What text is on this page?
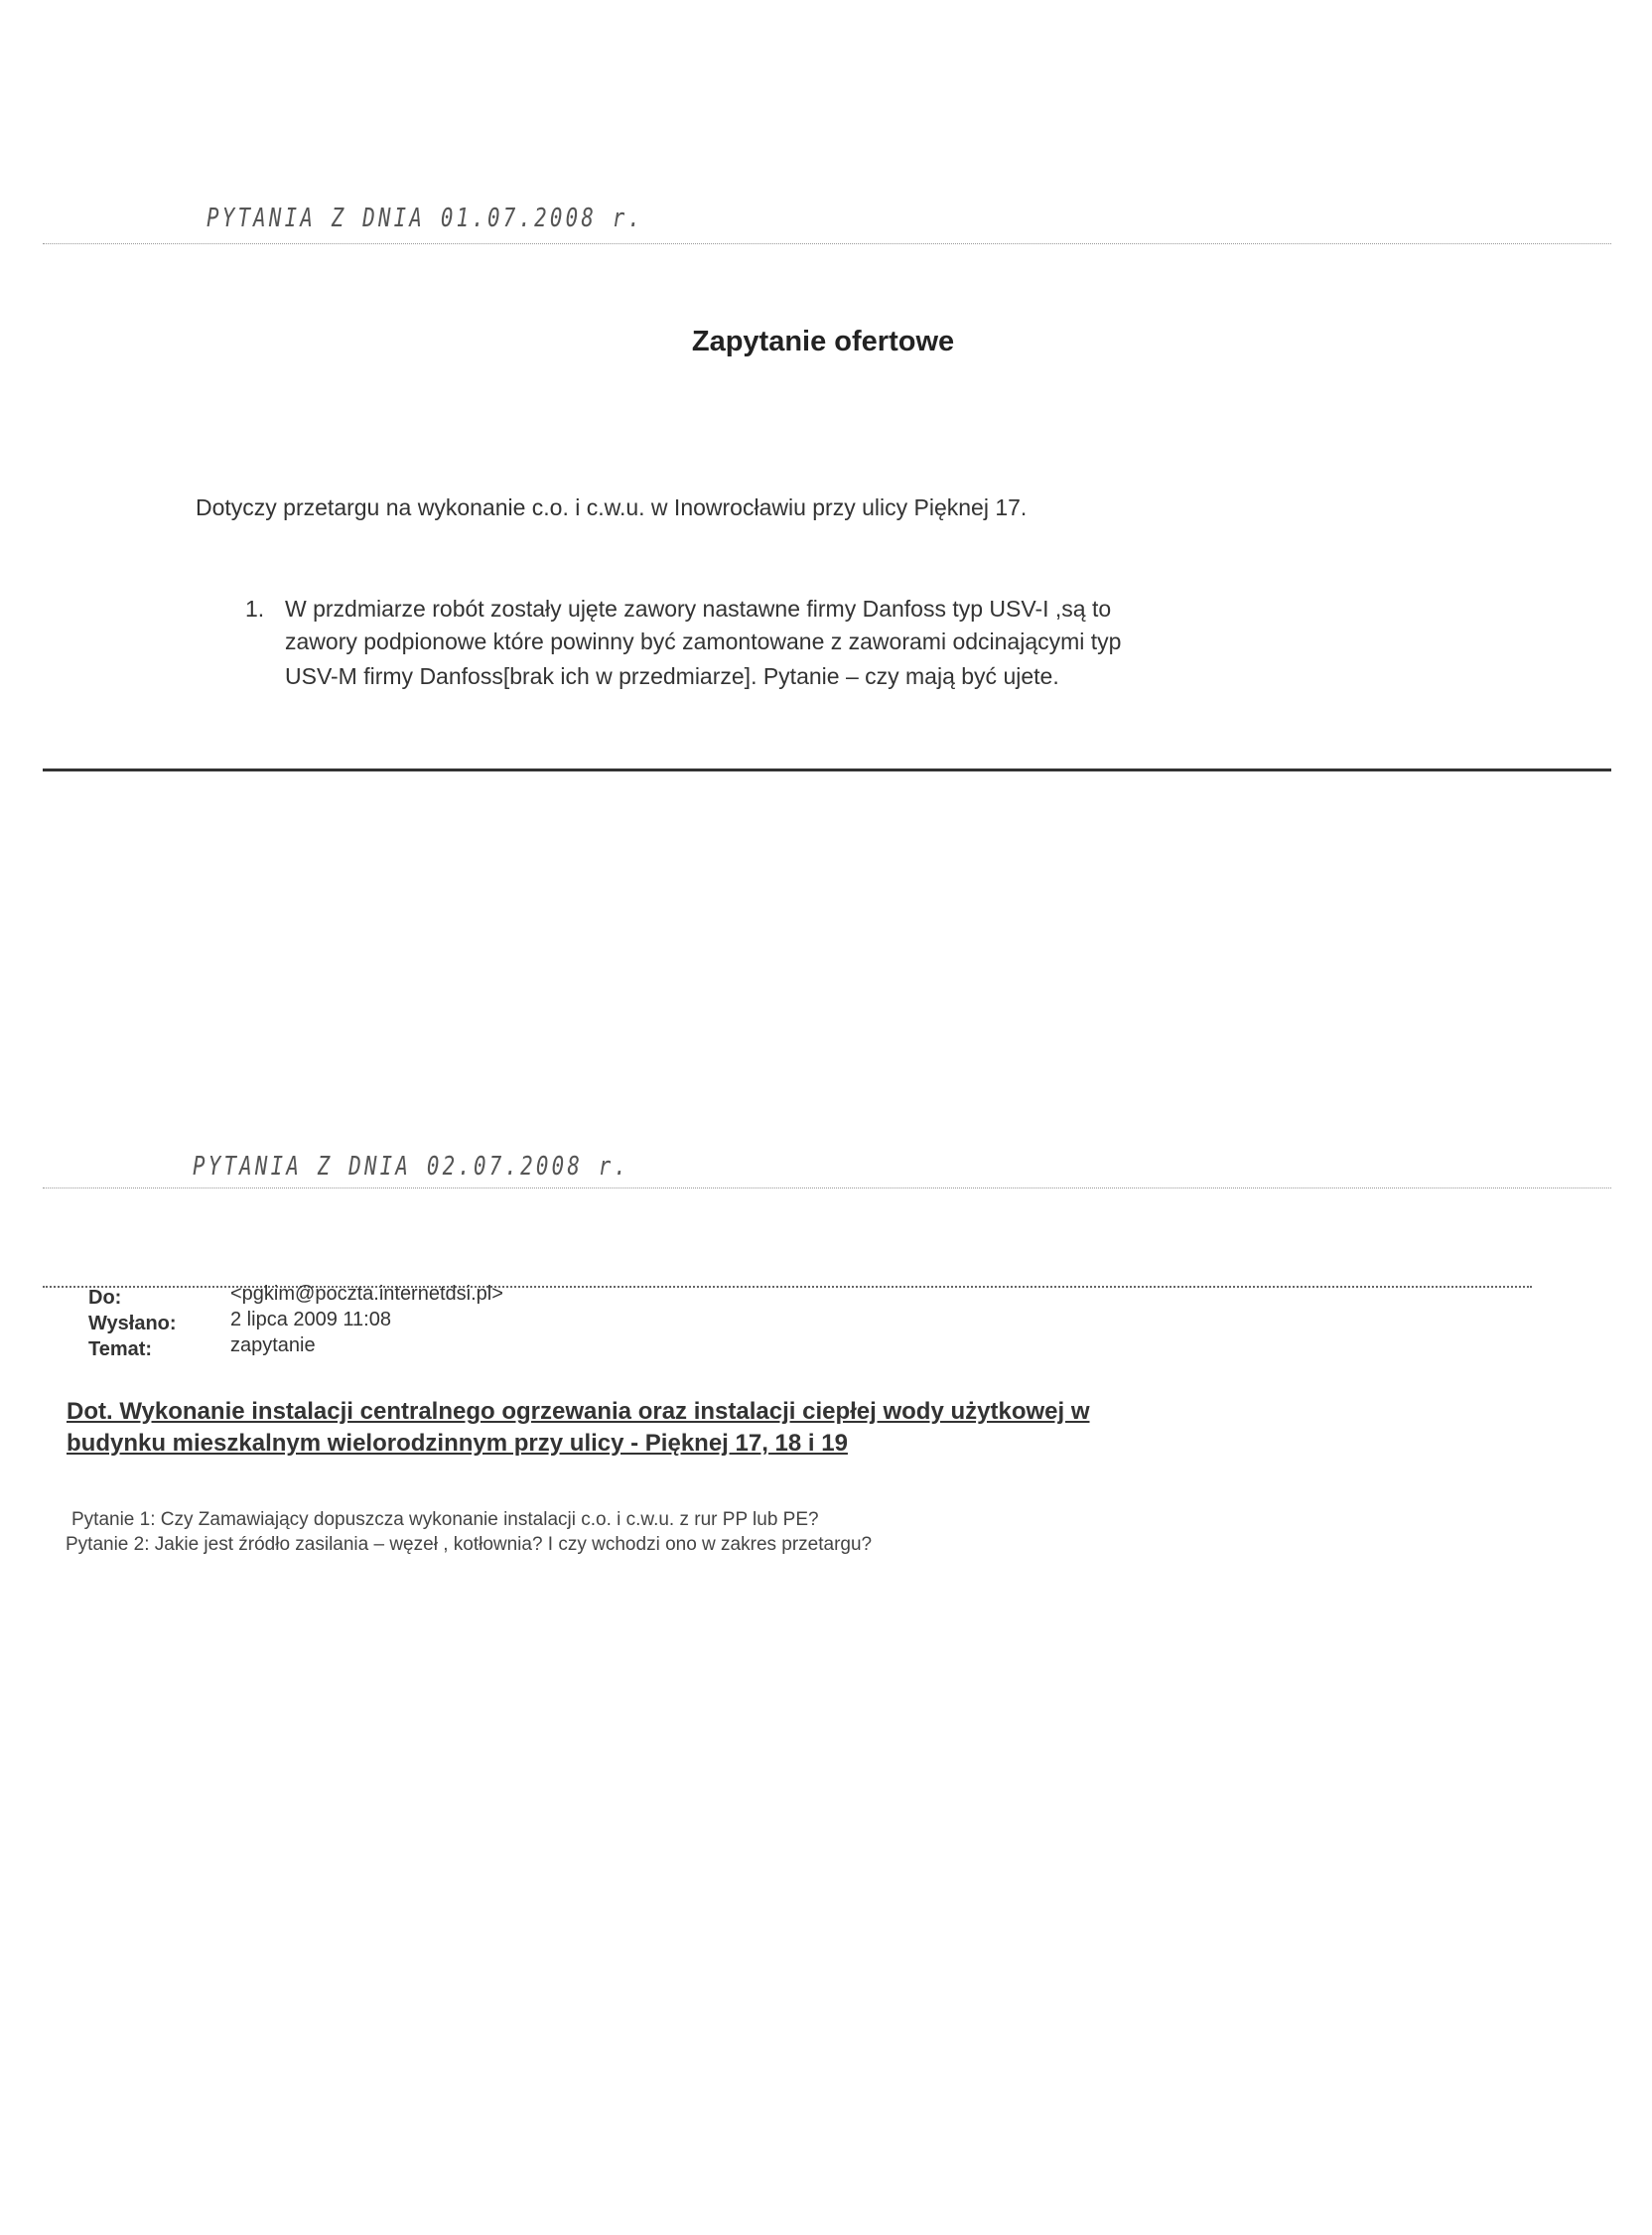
PYTANIA Z DNIA 01.07.2008 r.
Zapytanie ofertowe
Dotyczy przetargu na wykonanie c.o. i c.w.u. w Inowrocławiu przy ulicy Pięknej 17.
1. W przdmiarze robót zostały ujęte zawory nastawne firmy Danfoss typ USV-I ,są to
zawory podpionowe które powinny być zamontowane z zaworami odcinającymi typ
USV-M firmy Danfoss[brak ich w przedmiarze]. Pytanie – czy mają być ujete.
PYTANIA Z DNIA 02.07.2008 r.
Do:	<pgkim@poczta.internetdsi.pl>
Wysłano:	2 lipca 2009 11:08
Temat:	zapytanie
Dot. Wykonanie instalacji centralnego ogrzewania oraz instalacji ciepłej wody użytkowej w
budynku mieszkalnym wielorodzinnym przy ulicy - Pięknej 17, 18 i 19
Pytanie 1: Czy Zamawiający dopuszcza wykonanie instalacji c.o. i c.w.u. z rur PP lub PE?
Pytanie 2: Jakie jest źródło zasilania – węzeł , kotłownia? I czy wchodzi ono w zakres przetargu?
